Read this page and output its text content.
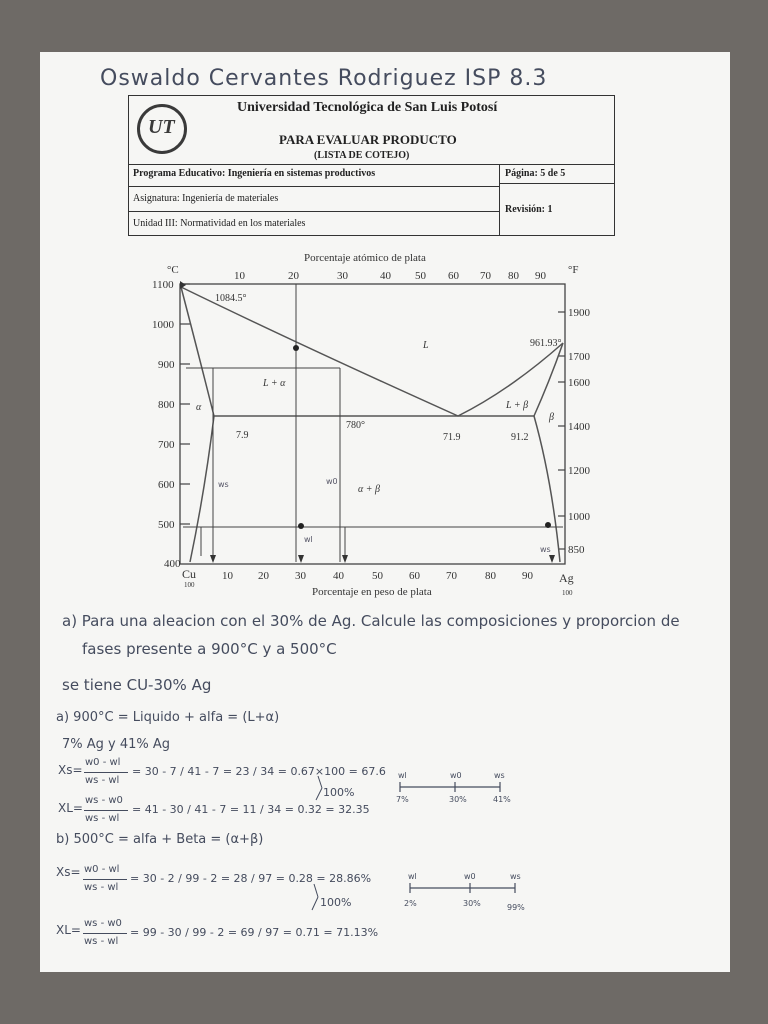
Oswaldo Cervantes Rodriguez ISP 8.3
UT
Universidad Tecnológica de San Luis Potosí
PARA EVALUAR PRODUCTO
(LISTA DE COTEJO)
Programa Educativo: Ingeniería en sistemas productivos
Asignatura: Ingeniería de materiales
Unidad III: Normatividad en los materiales
Página: 5 de 5
Revisión: 1
Porcentaje atómico de plata
Porcentaje en peso de plata
°C	°F
1100
1000
900
800
700
600
500
400
1900
1700
1600
1400
1200
1000
850
10	20	30	40 50 60 70 80 90
10 20 30 40	50 60 70	80 90
Cu	Ag
100
100
1084.5°
961.93°
L
L + α
L + β
α
β
α + β
780°
7.9	71.9	91.2
ws	w0
wl
ws
a) Para una aleacion con el 30% de Ag. Calcule las composiciones y proporcion de
fases presente a 900°C y a 500°C
se tiene CU-30% Ag
a) 900°C = Liquido + alfa = (L+α)
7% Ag y 41% Ag
Xs=
w0 - wl
ws - wl
= 30 - 7 / 41 - 7 = 23 / 34 = 0.67×100 = 67.6
XL=
ws - w0
ws - wl
= 41 - 30 / 41 - 7 = 11 / 34 = 0.32 = 32.35
100%
wl	w0	ws
7%	30%	41%
b) 500°C = alfa + Beta = (α+β)
Xs= w0 - wl
ws - wl
= 30 - 2 / 99 - 2 = 28 / 97 = 0.28 = 28.86%
XL= ws - w0
ws - wl
= 99 - 30 / 99 - 2 = 69 / 97 = 0.71 = 71.13%
100%
wl	w0	ws
2%	30%	99%
